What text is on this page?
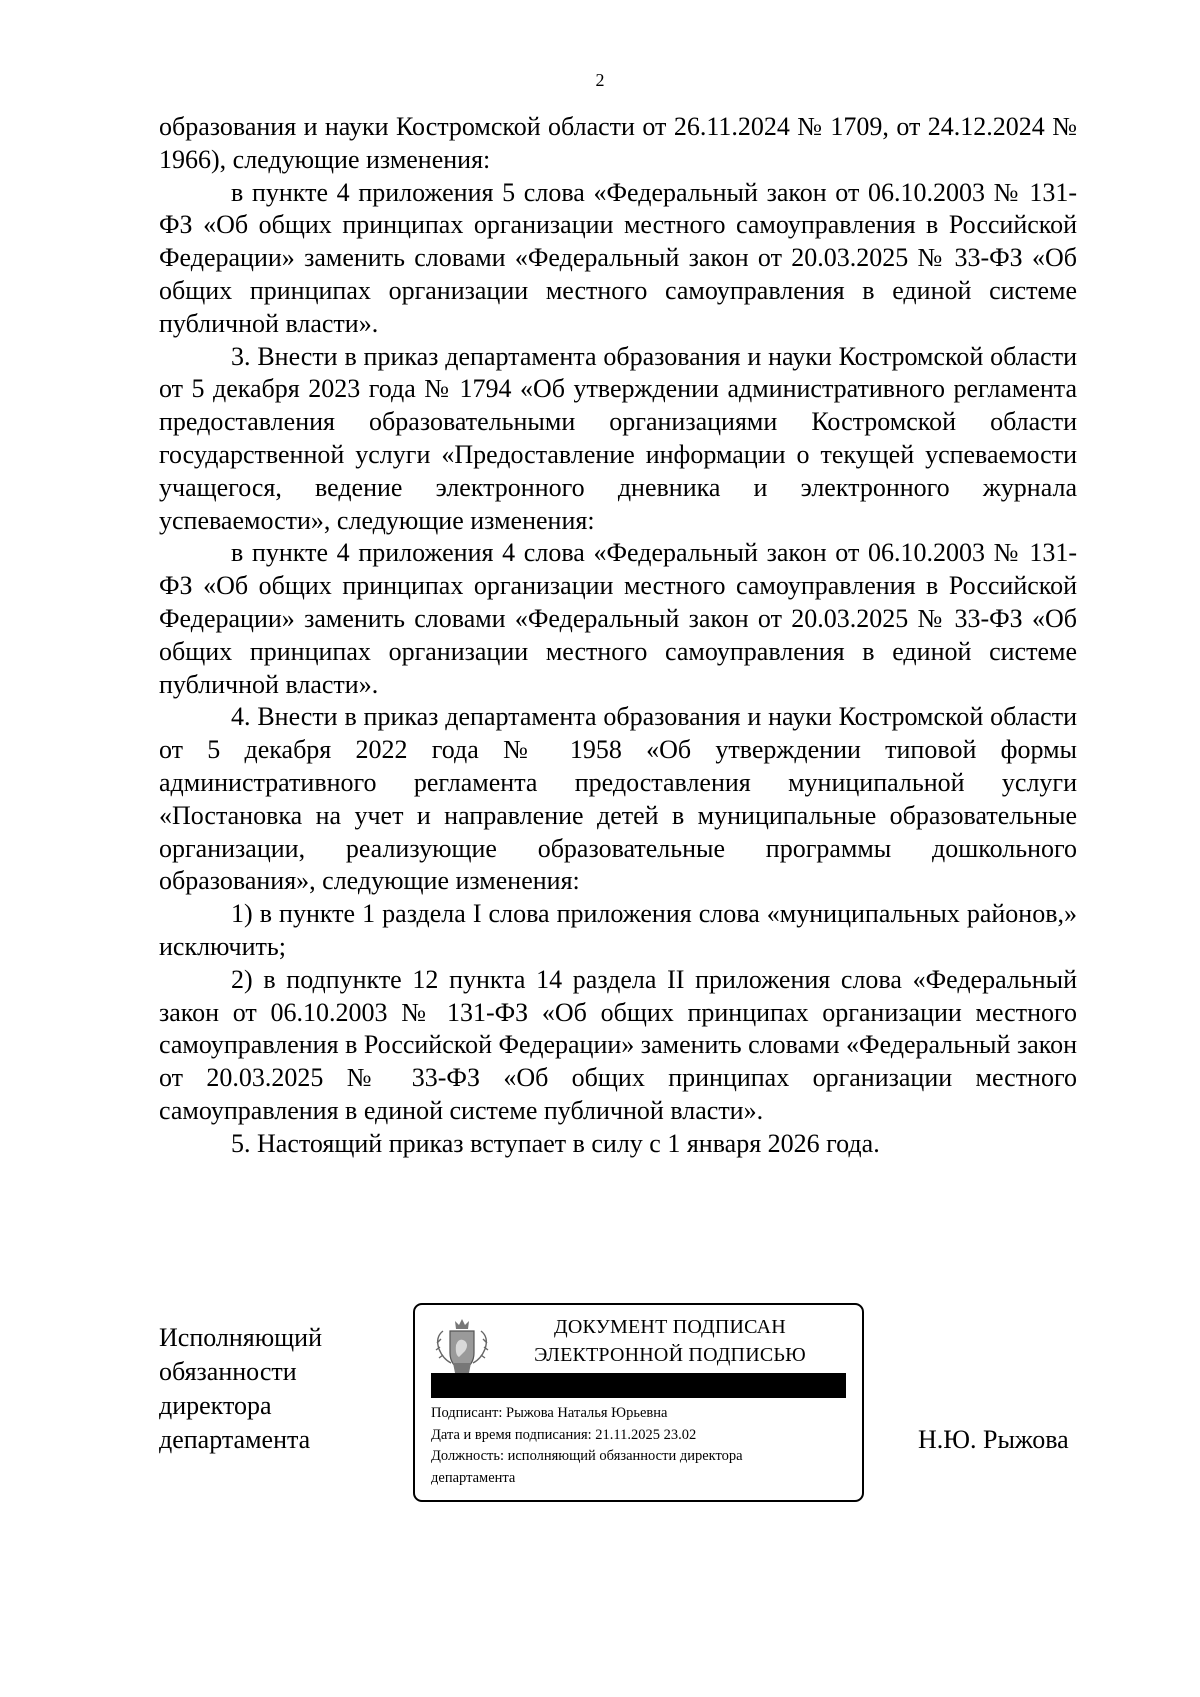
2

образования и науки Костромской области от 26.11.2024 № 1709, от 24.12.2024 № 1966), следующие изменения:

в пункте 4 приложения 5 слова «Федеральный закон от 06.10.2003 № 131-ФЗ «Об общих принципах организации местного самоуправления в Российской Федерации» заменить словами «Федеральный закон от 20.03.2025 № 33-ФЗ «Об общих принципах организации местного самоуправления в единой системе публичной власти».

3. Внести в приказ департамента образования и науки Костромской области от 5 декабря 2023 года № 1794 «Об утверждении административного регламента предоставления образовательными организациями Костромской области государственной услуги «Предоставление информации о текущей успеваемости учащегося, ведение электронного дневника и электронного журнала успеваемости», следующие изменения:

в пункте 4 приложения 4 слова «Федеральный закон от 06.10.2003 № 131-ФЗ «Об общих принципах организации местного самоуправления в Российской Федерации» заменить словами «Федеральный закон от 20.03.2025 № 33-ФЗ «Об общих принципах организации местного самоуправления в единой системе публичной власти».

4. Внести в приказ департамента образования и науки Костромской области от 5 декабря 2022 года № 1958 «Об утверждении типовой формы административного регламента предоставления муниципальной услуги «Постановка на учет и направление детей в муниципальные образовательные организации, реализующие образовательные программы дошкольного образования», следующие изменения:

1) в пункте 1 раздела I слова приложения слова «муниципальных районов,» исключить;

2) в подпункте 12 пункта 14 раздела II приложения слова «Федеральный закон от 06.10.2003 № 131-ФЗ «Об общих принципах организации местного самоуправления в Российской Федерации» заменить словами «Федеральный закон от 20.03.2025 № 33-ФЗ «Об общих принципах организации местного самоуправления в единой системе публичной власти».

5. Настоящий приказ вступает в силу с 1 января 2026 года.

Исполняющий
обязанности
директора
департамента
ДОКУМЕНТ ПОДПИСАН
ЭЛЕКТРОННОЙ ПОДПИСЬЮ
Подписант: Рыжова Наталья Юрьевна
Дата и время подписания: 21.11.2025 23.02
Должность: исполняющий обязанности директора
департамента
Н.Ю. Рыжова
